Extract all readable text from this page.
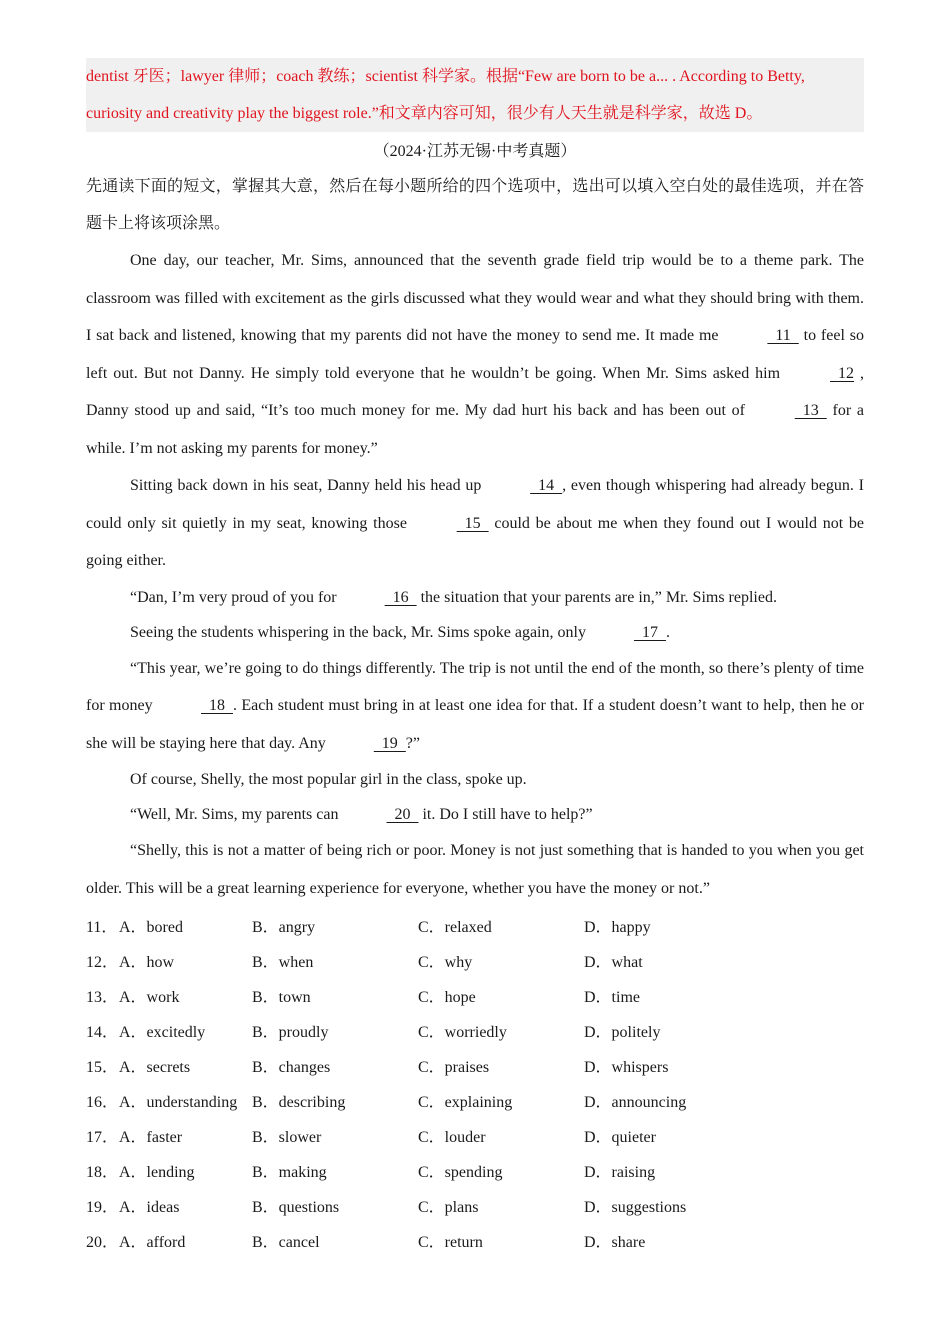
dentist 牙医；lawyer 律师；coach 教练；scientist 科学家。根据“Few are born to be a... . According to Betty,
curiosity and creativity play the biggest role.”和文章内容可知，很少有人天生就是科学家，故选 D。
（2024·江苏无锡·中考真题）
先通读下面的短文，掌握其大意，然后在每小题所给的四个选项中，选出可以填入空白处的最佳选项，并在答题卡上将该项涂黑。

One day, our teacher, Mr. Sims, announced that the seventh grade field trip would be to a theme park. The classroom was filled with excitement as the girls discussed what they would wear and what they should bring with them. I sat back and listened, knowing that my parents did not have the money to send me. It made me	11   to feel so left out. But not Danny. He simply told everyone that he wouldn’t be going. When Mr. Sims asked him	12 , Danny stood up and said, “It’s too much money for me. My dad hurt his back and has been out of	13   for a while. I’m not asking my parents for money.”

Sitting back down in his seat, Danny held his head up	14  , even though whispering had already begun. I could only sit quietly in my seat, knowing those	15   could be about me when they found out I would not be going either.

“Dan, I’m very proud of you for	16   the situation that your parents are in,” Mr. Sims replied.

Seeing the students whispering in the back, Mr. Sims spoke again, only	17  .

“This year, we’re going to do things differently. The trip is not until the end of the month, so there’s plenty of time for money	18  . Each student must bring in at least one idea for that. If a student doesn’t want to help, then he or she will be staying here that day. Any	19  ?”

Of course, Shelly, the most popular girl in the class, spoke up.

“Well, Mr. Sims, my parents can	20   it. Do I still have to help?”

“Shelly, this is not a matter of being rich or poor. Money is not just something that is handed to you when you get older. This will be a great learning experience for everyone, whether you have the money or not.”

11． A．bored	B．angry	C．relaxed	D．happy
12． A．how	B．when	C．why	D．what
13． A．work	B．town	C．hope	D．time
14． A．excitedly	B．proudly	C．worriedly	D．politely
15． A．secrets	B．changes	C．praises	D．whispers
16． A．understanding B．describing	C．explaining	D．announcing
17． A．faster	B．slower	C．louder	D．quieter
18． A．lending	B．making	C．spending	D．raising
19． A．ideas	B．questions	C．plans	D．suggestions
20． A．afford	B．cancel	C．return	D．share
